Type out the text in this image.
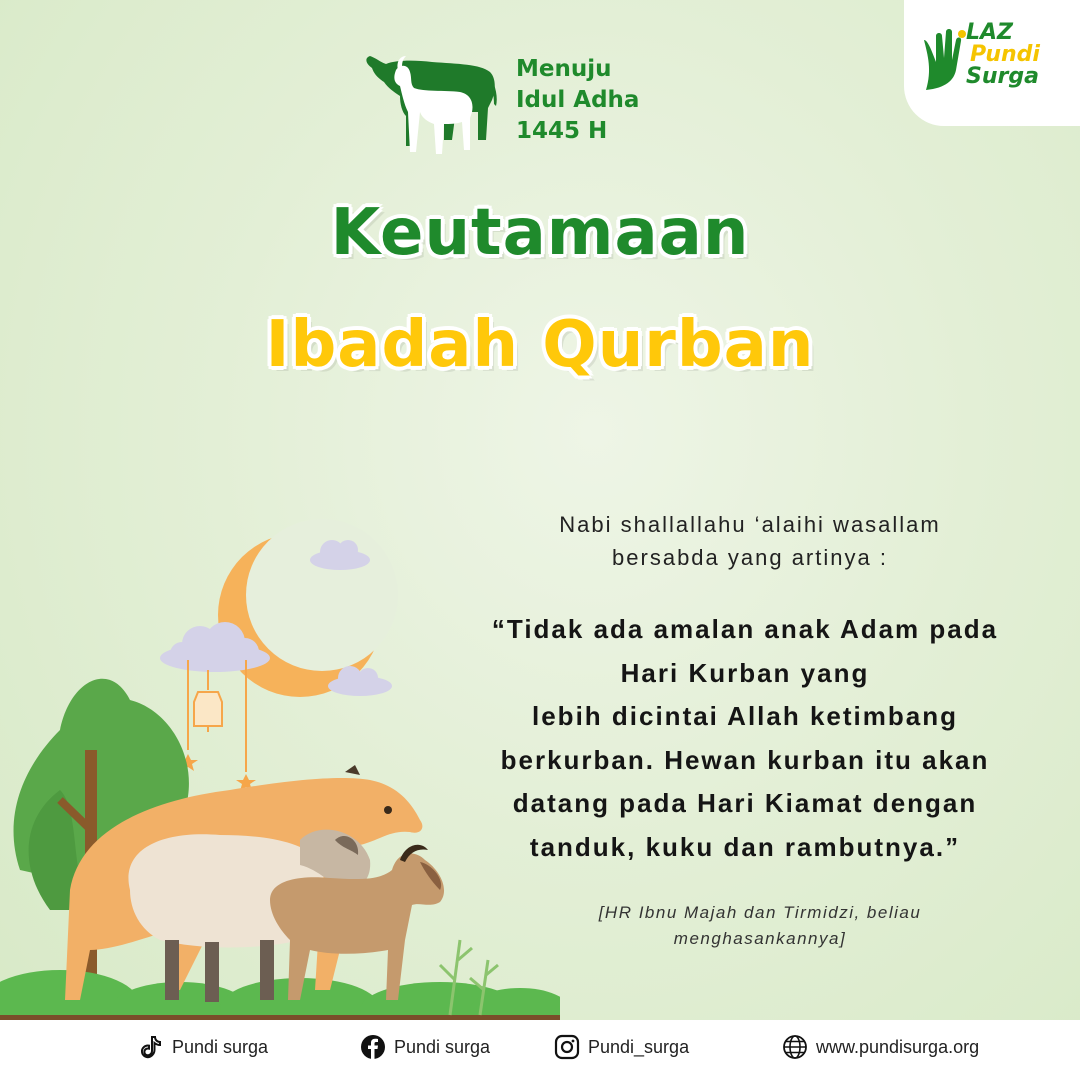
LAZ
Pundi
Surga
Menuju
Idul Adha
1445 H
Keutamaan
Ibadah Qurban
Nabi shallallahu ‘alaihi wasallam
bersabda yang artinya :
“Tidak ada amalan anak Adam pada
Hari Kurban yang
lebih dicintai Allah ketimbang
berkurban. Hewan kurban itu akan
datang pada Hari Kiamat dengan
tanduk, kuku dan rambutnya.”
[HR Ibnu Majah dan Tirmidzi, beliau
menghasankannya]
Pundi surga	Pundi surga	Pundi_surga	www.pundisurga.org
